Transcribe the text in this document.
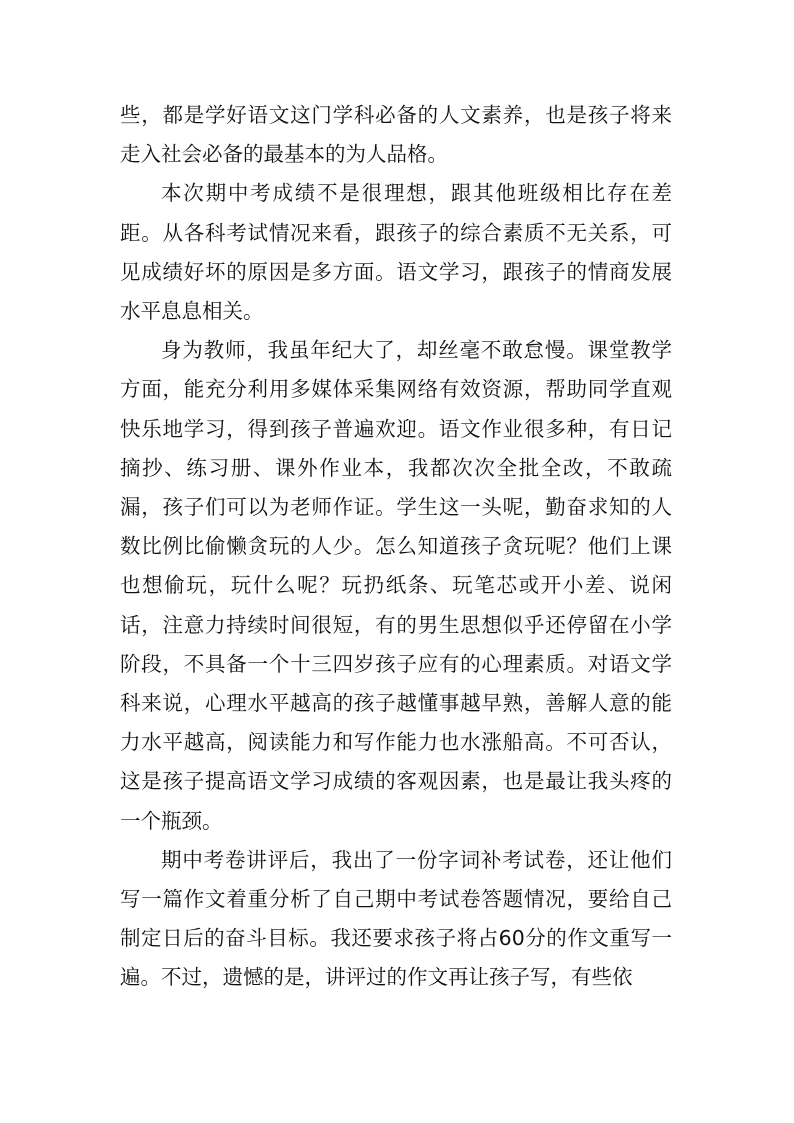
些，都是学好语文这门学科必备的人文素养，也是孩子将来走入社会必备的最基本的为人品格。

本次期中考成绩不是很理想，跟其他班级相比存在差距。从各科考试情况来看，跟孩子的综合素质不无关系，可见成绩好坏的原因是多方面。语文学习，跟孩子的情商发展水平息息相关。

身为教师，我虽年纪大了，却丝毫不敢怠慢。课堂教学方面，能充分利用多媒体采集网络有效资源，帮助同学直观快乐地学习，得到孩子普遍欢迎。语文作业很多种，有日记摘抄、练习册、课外作业本，我都次次全批全改，不敢疏漏，孩子们可以为老师作证。学生这一头呢，勤奋求知的人数比例比偷懒贪玩的人少。怎么知道孩子贪玩呢？他们上课也想偷玩，玩什么呢？玩扔纸条、玩笔芯或开小差、说闲话，注意力持续时间很短，有的男生思想似乎还停留在小学阶段，不具备一个十三四岁孩子应有的心理素质。对语文学科来说，心理水平越高的孩子越懂事越早熟，善解人意的能力水平越高，阅读能力和写作能力也水涨船高。不可否认，这是孩子提高语文学习成绩的客观因素，也是最让我头疼的一个瓶颈。

期中考卷讲评后，我出了一份字词补考试卷，还让他们写一篇作文着重分析了自己期中考试卷答题情况，要给自己制定日后的奋斗目标。我还要求孩子将占60分的作文重写一遍。不过，遗憾的是，讲评过的作文再让孩子写，有些依
